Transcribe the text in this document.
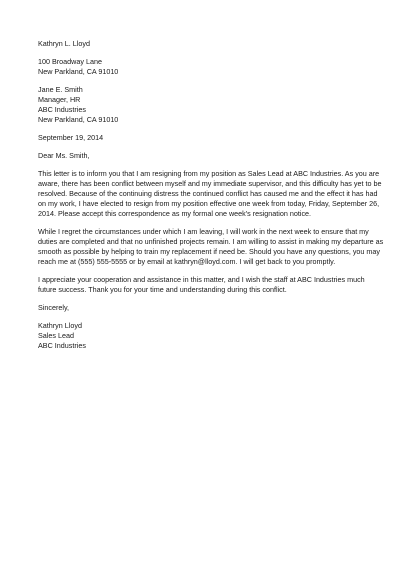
Kathryn L. Lloyd
100 Broadway Lane
New Parkland, CA 91010
Jane E. Smith
Manager, HR
ABC Industries
New Parkland, CA 91010
September 19, 2014
Dear Ms. Smith,
This letter is to inform you that I am resigning from my position as Sales Lead at ABC Industries. As you are
aware, there has been conflict between myself and my immediate supervisor, and this difficulty has yet to be
resolved. Because of the continuing distress the continued conflict has caused me and the effect it has had
on my work, I have elected to resign from my position effective one week from today, Friday, September 26,
2014. Please accept this correspondence as my formal one week's resignation notice.
While I regret the circumstances under which I am leaving, I will work in the next week to ensure that my
duties are completed and that no unfinished projects remain. I am willing to assist in making my departure as
smooth as possible by helping to train my replacement if need be. Should you have any questions, you may
reach me at (555) 555-5555 or by email at kathryn@lloyd.com. I will get back to you promptly.
I appreciate your cooperation and assistance in this matter, and I wish the staff at ABC Industries much
future success. Thank you for your time and understanding during this conflict.
Sincerely,
Kathryn Lloyd
Sales Lead
ABC Industries
